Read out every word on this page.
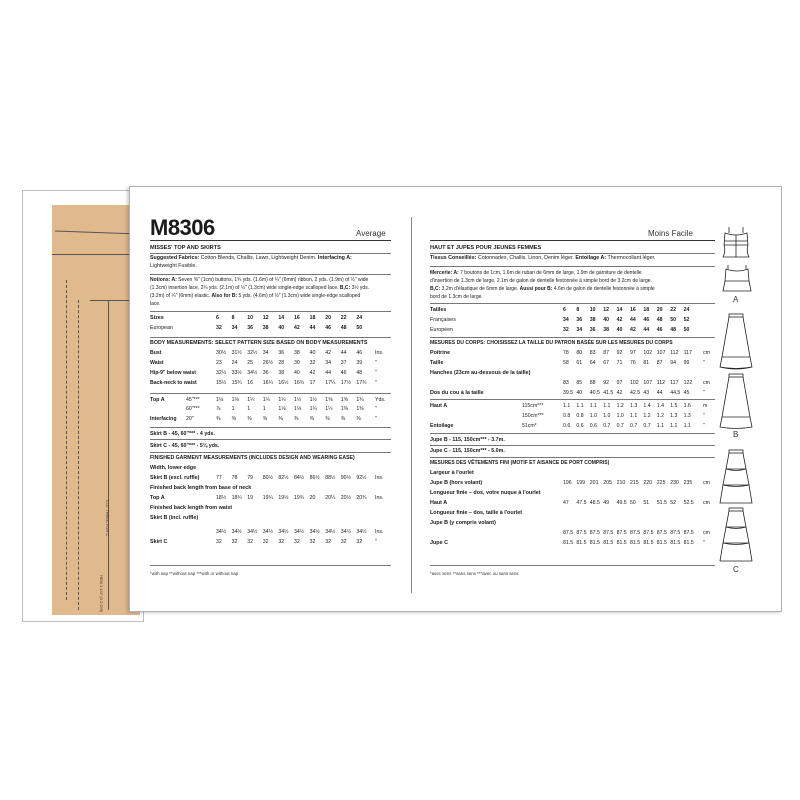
CUT THREE FOR C
HEM 1 1/4" (3.2 CM)
M8306	Average	Moins Facile
MISSES' TOP AND SKIRTS
Suggested Fabrics: Cotton Blends, Challis, Lawn, Lightweight Denim. Interfacing A:
Lightweight Fusible.
Notions: A: Seven ⅜" (1cm) buttons, 1¾ yds. (1.6m) of ¼" (6mm) ribbon, 2 yds. (1.9m) of ½" wide
(1.3cm) insertion lace, 2¼ yds. (2.1m) of ½" (1.3cm) wide single-edge scalloped lace. B,C: 3½ yds.
(3.2m) of ¼" (6mm) elastic. Also for B: 5 yds. (4.6m) of ½" (1.3cm) wide single-edge scalloped
lace.
Sizes	6 8 10 12 14 16 18 20 22 24
European	32 34 36 38 40 42 44 46 48 50
BODY MEASUREMENTS: SELECT PATTERN SIZE BASED ON BODY MEASUREMENTS
Bust	30½ 31½ 32½ 34 36 38 40 42 44 46 Ins.
Waist	23 24 25 26½ 28 30 32 34 37 39 "
Hip-9" below waist	32½ 33½ 34½ 36 38 40 42 44 46 48 "
Back-neck to waist	15½ 15¾ 16 16¼ 16½ 16¾ 17 17¼ 17½ 17¾ "
Top A	45"***	1⅛ 1⅛ 1¼ 1¼ 1¼ 1½ 1½ 1⅝ 1⅝ 1¾ Yds.
60"***	⅞ 1 1 1 1⅛ 1⅛ 1¼ 1¼ 1⅜ 1⅜ "
Interfacing 20"	⅜ ⅜ ⅜ ⅜ ⅜ ⅜ ⅜ ⅜ ⅜ ⅜	"
Skirt B - 45, 60"*** - 4 yds.
Skirt C - 45, 60"*** - 5⅛ yds.
FINISHED GARMENT MEASUREMENTS (INCLUDES DESIGN AND WEARING EASE)
Width, lower edge
Skirt B (excl. ruffle)	77 78 79 80½ 82½ 84½ 86½ 88½ 90½ 92½ Ins.
Finished back length from base of neck
Top A	18½ 18¾ 19 19¼ 19½ 19¾ 20 20¼ 20½ 20¾ Ins.
Finished back length from waist
Skirt B (incl. ruffle)
34½ 34½ 34½ 34½ 34½ 34½ 34½ 34½ 34½ 34½ Ins.
Skirt C	32 32 32 32 32 32 32 32 32 32 "
*with nap **without nap ***with or without nap
HAUT ET JUPES POUR JEUNES FEMMES
Tissus Conseillés: Cotonnades, Challis, Linon, Denim léger. Entoilage A: Thermocollant léger.
Mercerie: A: 7 boutons de 1cm, 1.6m de ruban de 6mm de large, 1.9m de garniture de dentelle
d'insertion de 1.3cm de large, 2.1m de galon de dentelle festonnée à simple bord de 3.2cm de large.
B,C: 3.2m d'élastique de 6mm de large. Aussi pour B: 4.6m de galon de dentelle festonnée à simple
bord de 1.3cm de large.
Tailles	6 8 10 12 14 16 18 20 22 24
Françaises	34 36 38 40 42 44 46 48 50 52
Européen	32 34 36 38 40 42 44 46 48 50
MESURES DU CORPS: CHOISISSEZ LA TAILLE DU PATRON BASÉE SUR LES MESURES DU CORPS
Poitrine	78 80 83 87 92 97 102 107 112 117 cm
Taille	58 61 64 67 71 76 81 87 94 99	"
Hanches (23cm au-dessous de la taille)
83 85 88 92 97 102 107 112 117 122 cm
Dos du cou à la taille	39.5 40 40.5 41.5 42 42.5 43 44 44.5 45	"
Haut A	115cm***	1.1 1.1 1.1 1.1 1.2 1.3 1.4 1.4 1.5 1.6 m
150cm***	0.8 0.8 1.0 1.0 1.0 1.1 1.2 1.2 1.3 1.3 "
Entoilage	51cm*	0.6 0.6 0.6 0.7 0.7 0.7 0.7 1.1 1.1 1.1 "
Jupe B - 115, 150cm*** - 3.7m.
Jupe C - 115, 150cm*** - 5.0m.
MESURES DES VÊTEMENTS FINI (MOTIF ET AISANCE DE PORT COMPRIS)
Largeur à l'ourlet
Jupe B (hors volant)	196 199 201 205 210 215 220 225 230 235 cm
Longueur finie – dos, votre nuque à l'ourlet
Haut A	47 47.5 48.5 49 49.5 50 51 51.5 52 52.5 cm
Longueur finie – dos, taille à l'ourlet
Jupe B (y compris volant)
87.5 87.5 87.5 87.5 87.5 87.5 87.5 87.5 87.5 87.5 cm
Jupe C	81.5 81.5 81.5 81.5 81.5 81.5 81.5 81.5 81.5 81.5 "
*avec sens **sans sens ***avec ou sans sens
A
B
C
